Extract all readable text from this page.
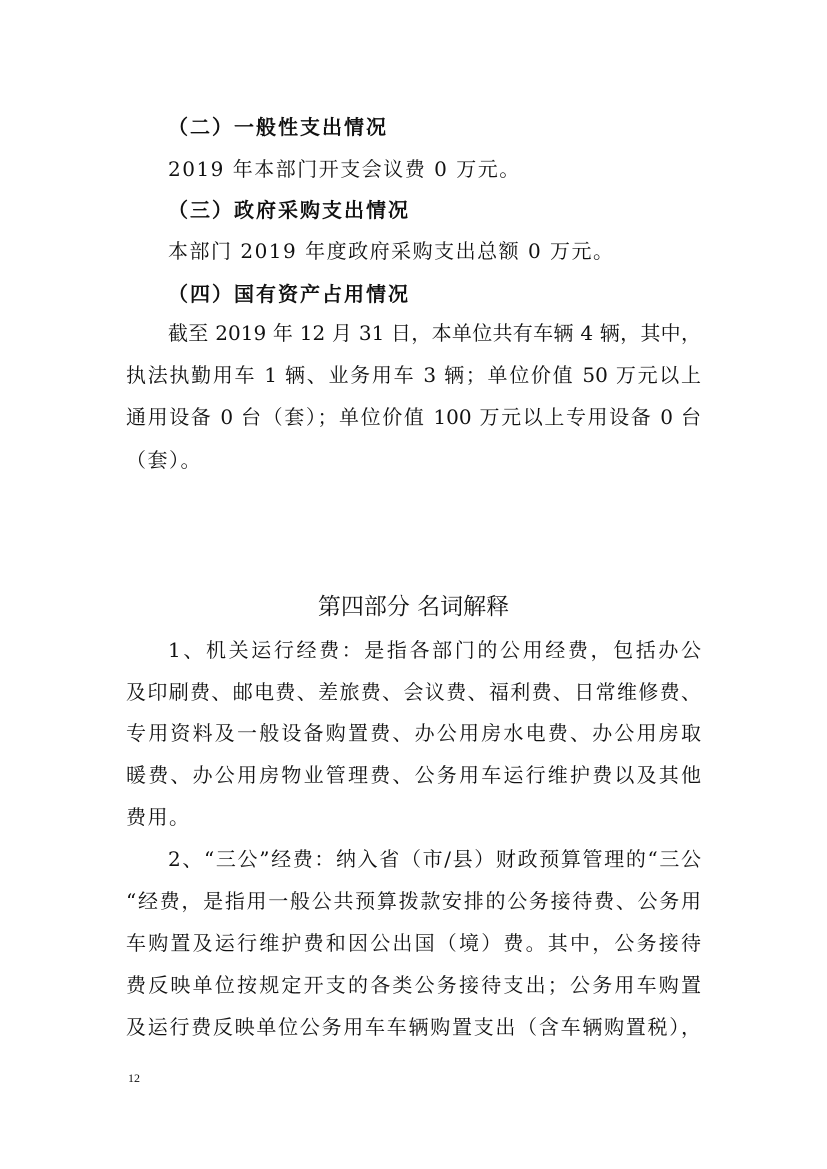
（二）一般性支出情况

2019 年本部门开支会议费 0 万元。

（三）政府采购支出情况

本部门 2019 年度政府采购支出总额 0 万元。

（四）国有资产占用情况

截至 2019 年 12 月 31 日，本单位共有车辆 4 辆，其中，

执法执勤用车 1 辆、业务用车 3 辆；单位价值 50 万元以上

通用设备 0 台（套）；单位价值 100 万元以上专用设备 0 台

（套）。

第四部分 名词解释

1、机关运行经费：是指各部门的公用经费，包括办公

及印刷费、邮电费、差旅费、会议费、福利费、日常维修费、

专用资料及一般设备购置费、办公用房水电费、办公用房取

暖费、办公用房物业管理费、公务用车运行维护费以及其他

费用。

2、“三公”经费：纳入省（市/县）财政预算管理的“三公

“经费，是指用一般公共预算拨款安排的公务接待费、公务用

车购置及运行维护费和因公出国（境）费。其中，公务接待

费反映单位按规定开支的各类公务接待支出；公务用车购置

及运行费反映单位公务用车车辆购置支出（含车辆购置税），

12
